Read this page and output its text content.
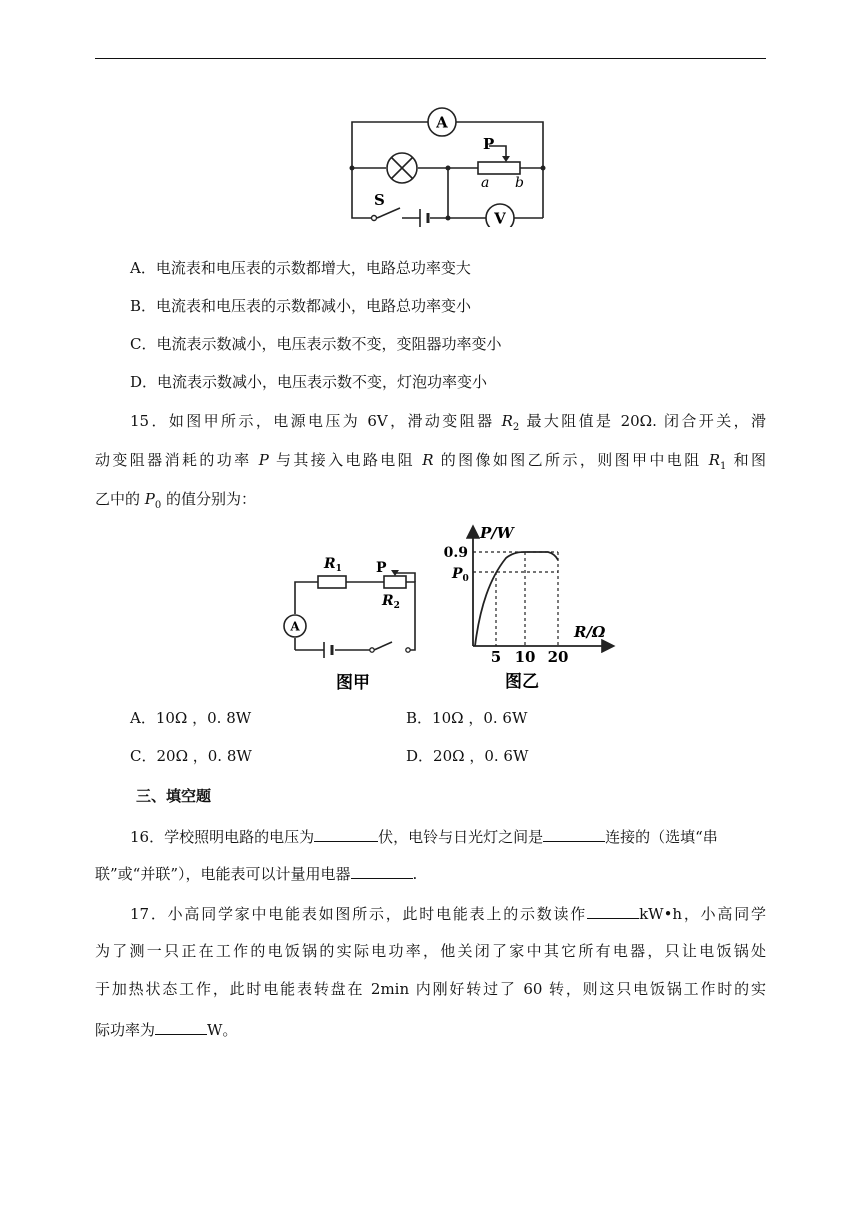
A
P
a b
S
V
A．电流表和电压表的示数都增大，电路总功率变大
B．电流表和电压表的示数都减小，电路总功率变小
C．电流表示数减小，电压表示数不变，变阻器功率变小
D．电流表示数减小，电压表示数不变，灯泡功率变小
15．如图甲所示，电源电压为 6V，滑动变阻器 $R_2$ 最大阻值是 20Ω. 闭合开关，滑
动变阻器消耗的功率 P 与其接入电路电阻 R 的图像如图乙所示，则图甲中电阻 $R_1$ 和图
乙中的 $P_0$ 的值分别为：
$R_1$ P
$R_2$
A
图甲
P/W
R/Ω
0.9
$P_0$
5 10 20
图乙
A．10Ω ，0. 8W	B．10Ω ，0. 6W
C．20Ω ，0. 8W	D．20Ω ，0. 6W
三、填空题
16．学校照明电路的电压为	伏，电铃与日光灯之间是	连接的（选填“串
联”或“并联”），电能表可以计量用电器	.
17．小高同学家中电能表如图所示，此时电能表上的示数读作	kW•h，小高同学
为了测一只正在工作的电饭锅的实际电功率，他关闭了家中其它所有电器，只让电饭锅处
于加热状态工作，此时电能表转盘在 2min 内刚好转过了 60 转，则这只电饭锅工作时的实
际功率为	W。
